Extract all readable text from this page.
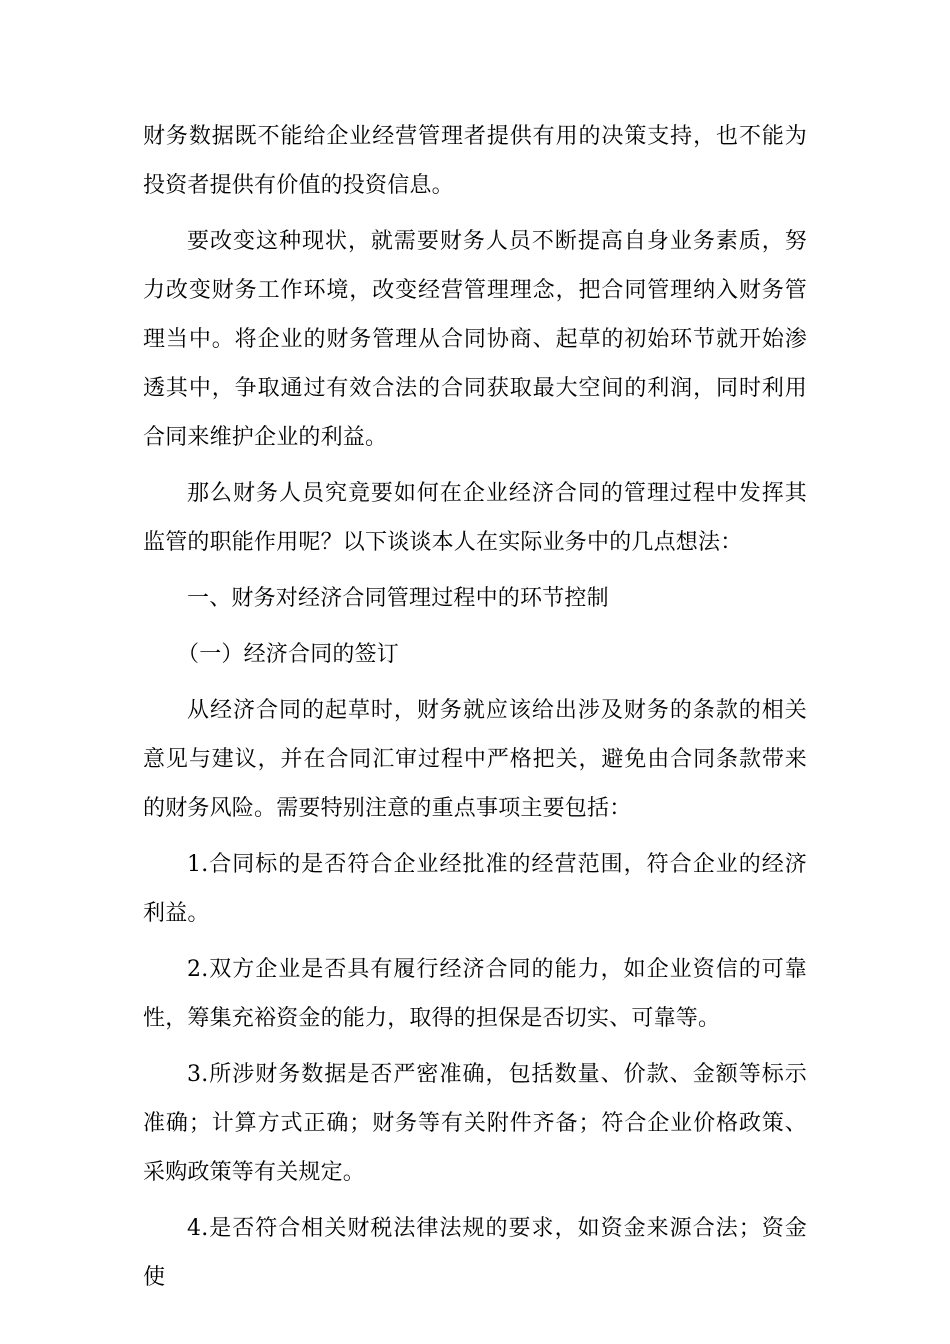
财务数据既不能给企业经营管理者提供有用的决策支持，也不能为投资者提供有价值的投资信息。

要改变这种现状，就需要财务人员不断提高自身业务素质，努力改变财务工作环境，改变经营管理理念，把合同管理纳入财务管理当中。将企业的财务管理从合同协商、起草的初始环节就开始渗透其中，争取通过有效合法的合同获取最大空间的利润，同时利用合同来维护企业的利益。

那么财务人员究竟要如何在企业经济合同的管理过程中发挥其监管的职能作用呢？以下谈谈本人在实际业务中的几点想法：

一、财务对经济合同管理过程中的环节控制

（一）经济合同的签订

从经济合同的起草时，财务就应该给出涉及财务的条款的相关意见与建议，并在合同汇审过程中严格把关，避免由合同条款带来的财务风险。需要特别注意的重点事项主要包括：

1.合同标的是否符合企业经批准的经营范围，符合企业的经济利益。

2.双方企业是否具有履行经济合同的能力，如企业资信的可靠性，筹集充裕资金的能力，取得的担保是否切实、可靠等。

3.所涉财务数据是否严密准确，包括数量、价款、金额等标示准确；计算方式正确；财务等有关附件齐备；符合企业价格政策、采购政策等有关规定。

4.是否符合相关财税法律法规的要求，如资金来源合法；资金使
